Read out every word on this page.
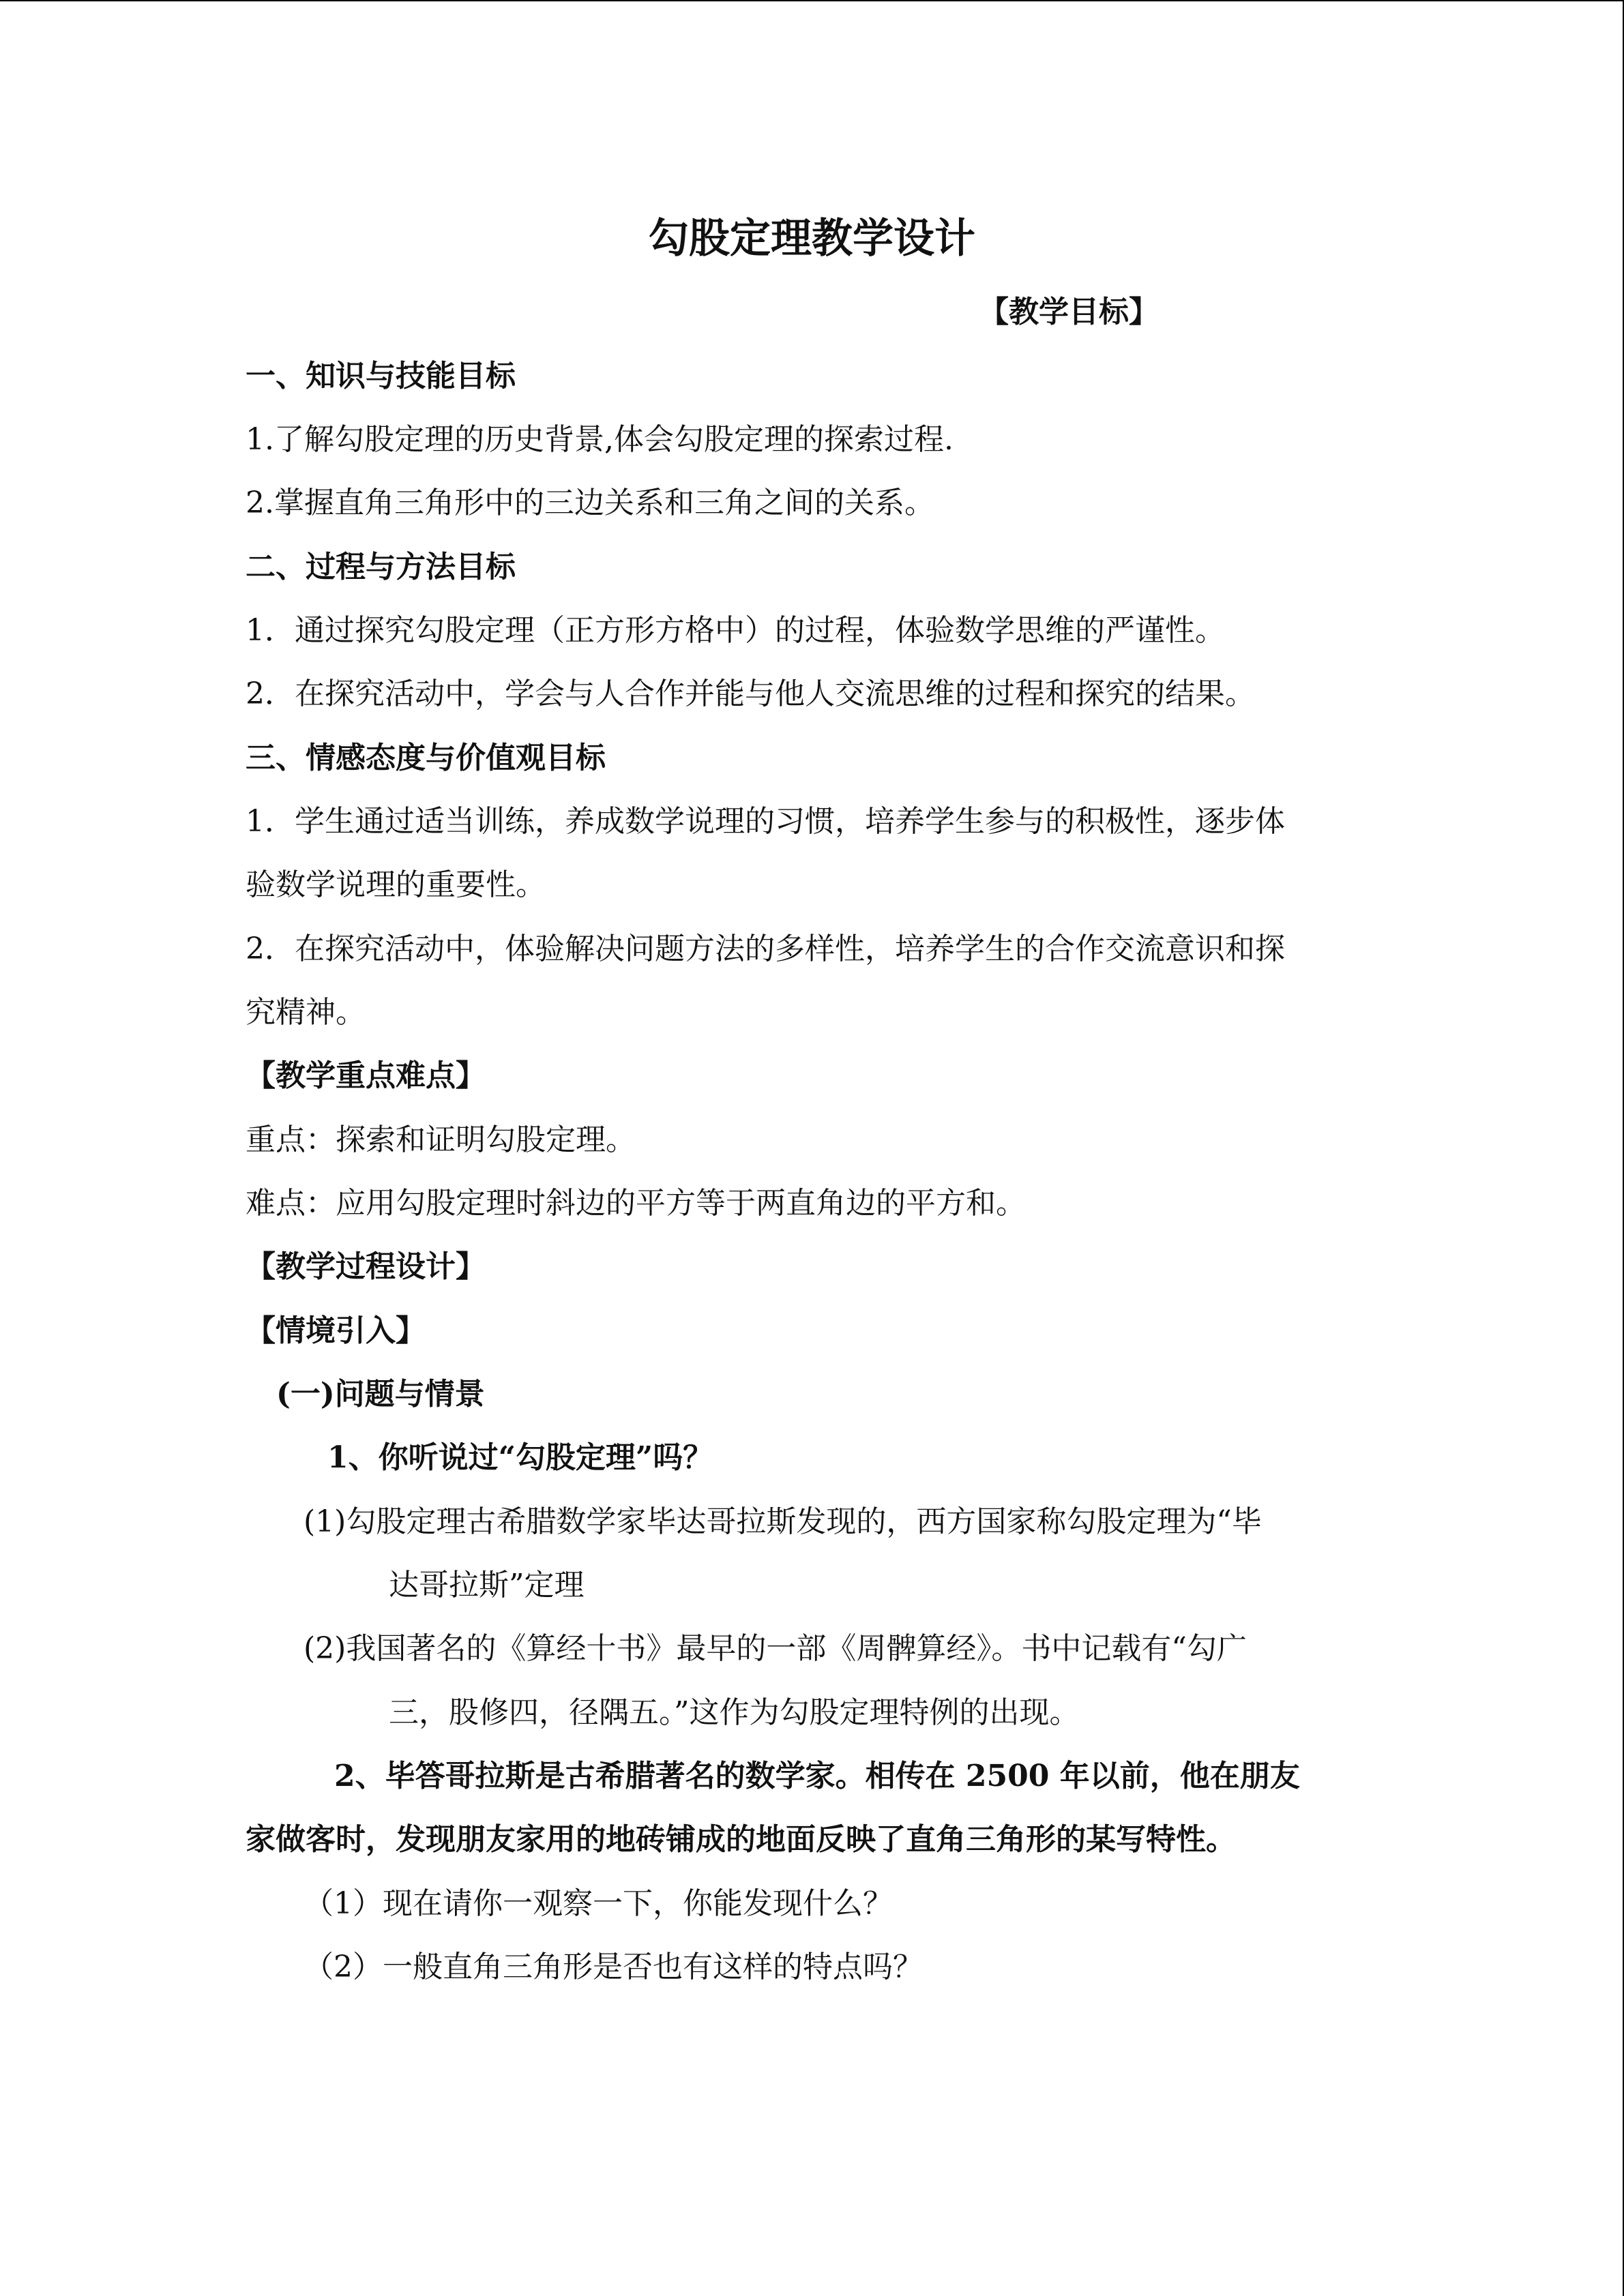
勾股定理教学设计
【教学目标】
一、知识与技能目标
1.了解勾股定理的历史背景,体会勾股定理的探索过程.
2.掌握直角三角形中的三边关系和三角之间的关系。
二、过程与方法目标
1．通过探究勾股定理（正方形方格中）的过程，体验数学思维的严谨性。
2．在探究活动中，学会与人合作并能与他人交流思维的过程和探究的结果。
三、情感态度与价值观目标
1．学生通过适当训练，养成数学说理的习惯，培养学生参与的积极性，逐步体
验数学说理的重要性。
2．在探究活动中，体验解决问题方法的多样性，培养学生的合作交流意识和探
究精神。
【教学重点难点】
重点：探索和证明勾股定理。
难点：应用勾股定理时斜边的平方等于两直角边的平方和。
【教学过程设计】
【情境引入】
(一)问题与情景
1、你听说过“勾股定理”吗？
(1)勾股定理古希腊数学家毕达哥拉斯发现的，西方国家称勾股定理为“毕
达哥拉斯”定理
(2)我国著名的《算经十书》最早的一部《周髀算经》。书中记载有“勾广
三，股修四，径隅五。”这作为勾股定理特例的出现。
2、毕答哥拉斯是古希腊著名的数学家。相传在 2500 年以前，他在朋友
家做客时，发现朋友家用的地砖铺成的地面反映了直角三角形的某写特性。
（1）现在请你一观察一下，你能发现什么？
（2）一般直角三角形是否也有这样的特点吗？
